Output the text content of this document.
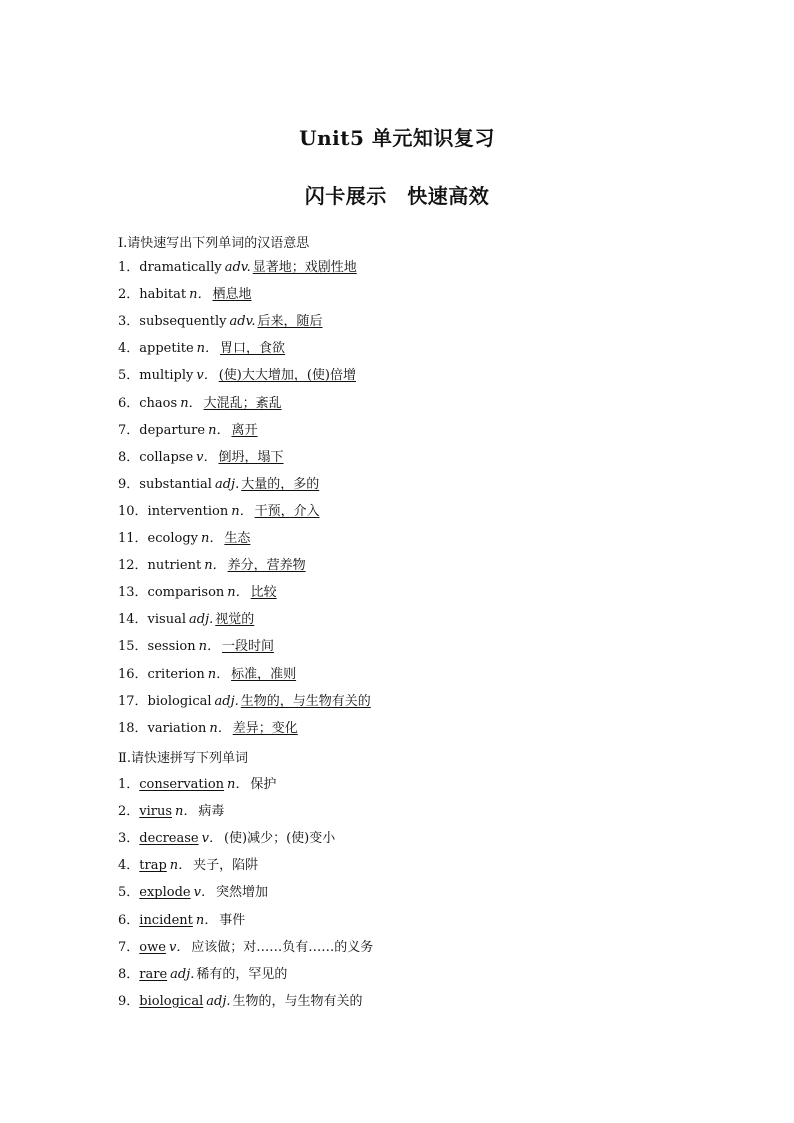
Unit5 单元知识复习
闪卡展示　快速高效
Ⅰ.请快速写出下列单词的汉语意思
1．dramatically adv. 显著地；戏剧性地
2．habitat n． 栖息地
3．subsequently adv. 后来，随后
4．appetite n． 胃口，食欲
5．multiply v． (使)大大增加，(使)倍增
6．chaos n． 大混乱；紊乱
7．departure n． 离开
8．collapse v． 倒坍，塌下
9．substantial adj. 大量的，多的
10．intervention n． 干预，介入
11．ecology n． 生态
12．nutrient n． 养分，营养物
13．comparison n． 比较
14．visual adj. 视觉的
15．session n． 一段时间
16．criterion n． 标准，准则
17．biological adj. 生物的，与生物有关的
18．variation n． 差异；变化
Ⅱ.请快速拼写下列单词
1．conservation n． 保护
2．virus n． 病毒
3．decrease v． (使)减少；(使)变小
4．trap n． 夹子，陷阱
5．explode v． 突然增加
6．incident n． 事件
7．owe v． 应该做；对……负有……的义务
8．rare adj. 稀有的，罕见的
9．biological adj. 生物的，与生物有关的
